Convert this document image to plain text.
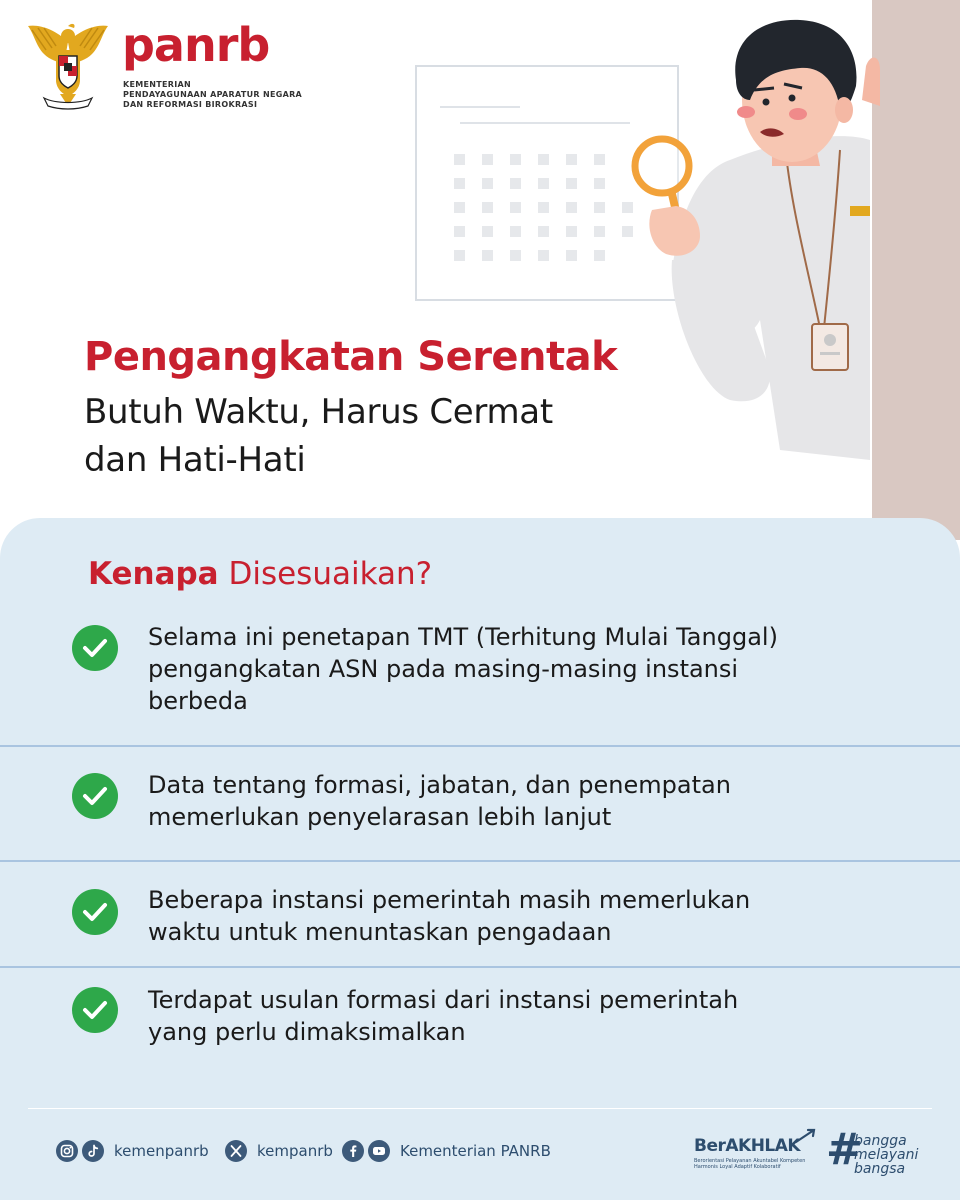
panrb
KEMENTERIAN
PENDAYAGUNAAN APARATUR NEGARA
DAN REFORMASI BIROKRASI
Pengangkatan Serentak
Butuh Waktu, Harus Cermat
dan Hati-Hati
Kenapa Disesuaikan?
Selama ini penetapan TMT (Terhitung Mulai Tanggal)
pengangkatan ASN pada masing-masing instansi
berbeda
Data tentang formasi, jabatan, dan penempatan
memerlukan penyelarasan lebih lanjut
Beberapa instansi pemerintah masih memerlukan
waktu untuk menuntaskan pengadaan
Terdapat usulan formasi dari instansi pemerintah
yang perlu dimaksimalkan
kemenpanrb	kempanrb	Kementerian PANRB	BerAKHLAK
Berorientasi Pelayanan Akuntabel Kompeten
Harmonis Loyal Adaptif Kolaboratif	#
bangga
melayani
bangsa
